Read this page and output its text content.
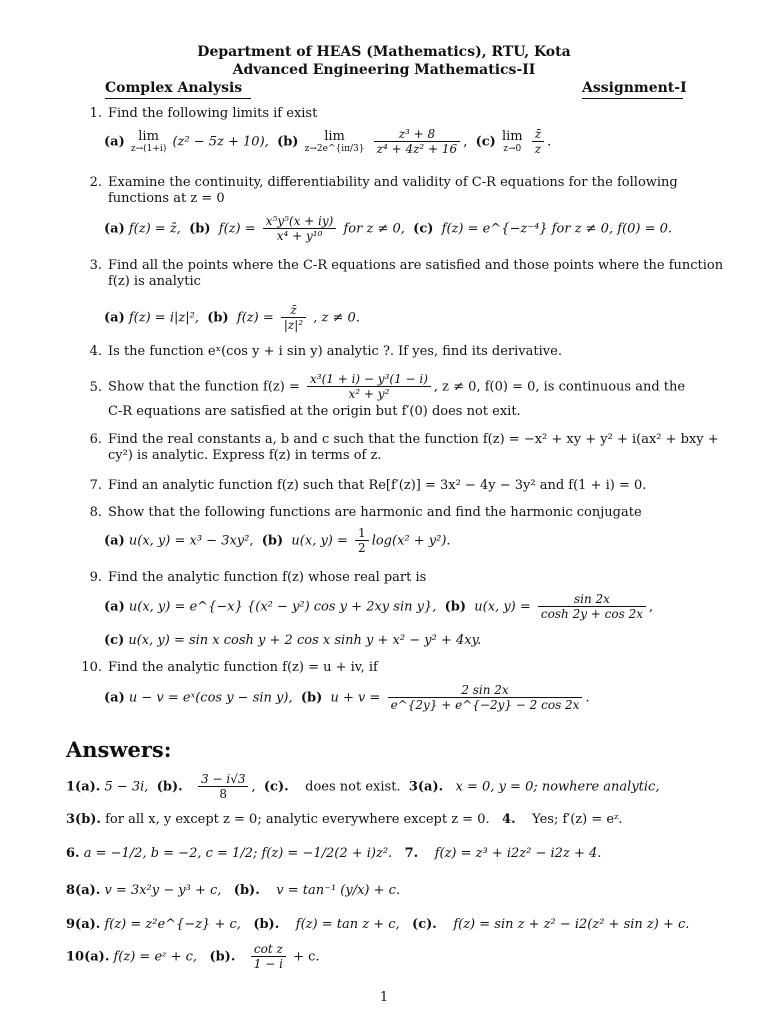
Department of HEAS (Mathematics), RTU, Kota
Advanced Engineering Mathematics-II
Complex Analysis	Assignment-I
1. Find the following limits if exist
(a)	lim
z→(1+i) (z² − 5z + 10), (b)	lim
z→2e^{iπ/3}
$\frac{\text{z³ + 8}}{\text{z⁴ + 4z² + 16}}$ ,  (c) lim
z→0
$\frac{z̄}{z}$ .
2. Examine the continuity, differentiability and validity of C-R equations for the following functions at z = 0
(a) f(z) = z̄, (b) $f(z) = \frac{\text{x⁵y⁵(x + iy)}}{\text{x⁴ + y¹⁰}}$ for z ≠ 0, (c) f(z) = e^{−z⁻⁴} for z ≠ 0, f(0) = 0.
3. Find all the points where the C-R equations are satisfied and those points where the function f(z) is analytic
(a) f(z) = i|z|², (b) $f(z) = \frac{z̄}{\text{|z|²}}$ , z ≠ 0.
4. Is the function eˣ(cos y + i sin y) analytic ?. If yes, find its derivative.
5. Show that the function $f(z) = \frac{\text{x³(1 + i) − y³(1 − i)}}{\text{x² + y²}}$ , z ≠ 0, f(0) = 0, is continuous and the
C-R equations are satisfied at the origin but f′(0) does not exit.
6. Find the real constants a, b and c such that the function f(z) = −x² + xy + y² + i(ax² + bxy + cy²) is analytic. Express f(z) in terms of z.
7. Find an analytic function f(z) such that Re[f′(z)] = 3x² − 4y − 3y² and f(1 + i) = 0.
8. Show that the following functions are harmonic and find the harmonic conjugate
(a) u(x, y) = x³ − 3xy², (b) u(x, $y) = \frac{1}{2} \log(x^2 + y^2)$.
9. Find the analytic function f(z) whose real part is
(a) u(x, y) = e^{−x} {(x² − y²) cos y + 2xy sin y}, (b) u(x, $y) = \frac{\sin 2x}{\cosh 2y + \cos 2x}$ ,
(c) u(x, y) = sin x cosh y + 2 cos x sinh y + x² − y² + 4xy.
10. Find the analytic function f(z) = u + iv, if
(a) u − v = eˣ(cos y − sin y), (b) $u + v = \frac{2 \sin 2x}{e\^{}\{2y\} + e\^{}\{-2y\} - 2 \cos 2x}$ .
Answers:
1(a). 5 − 3i, (b). $\frac{3 - i√3}{8}$ ,  (c). does not exist. 3(a). x = 0, y = 0; nowhere analytic,
3(b). for all x, y except z = 0; analytic everywhere except z = 0. 4. Yes; f′(z) = eᶻ.
6. a = −1/2, b = −2, c = 1/2; f(z) = −1/2(2 + i)z². 7. f(z) = z³ + i2z² − i2z + 4.
8(a). v = 3x²y − y³ + c, (b). v = tan⁻¹ (y/x) + c.
9(a). f(z) = z²e^{−z} + c, (b). f(z) = tan z + c, (c). f(z) = sin z + z² − i2(z² + sin z) + c.
10(a). f(z) = eᶻ + c, (b). $\frac{\text{cot z}}{1 - i} + c$.
1
